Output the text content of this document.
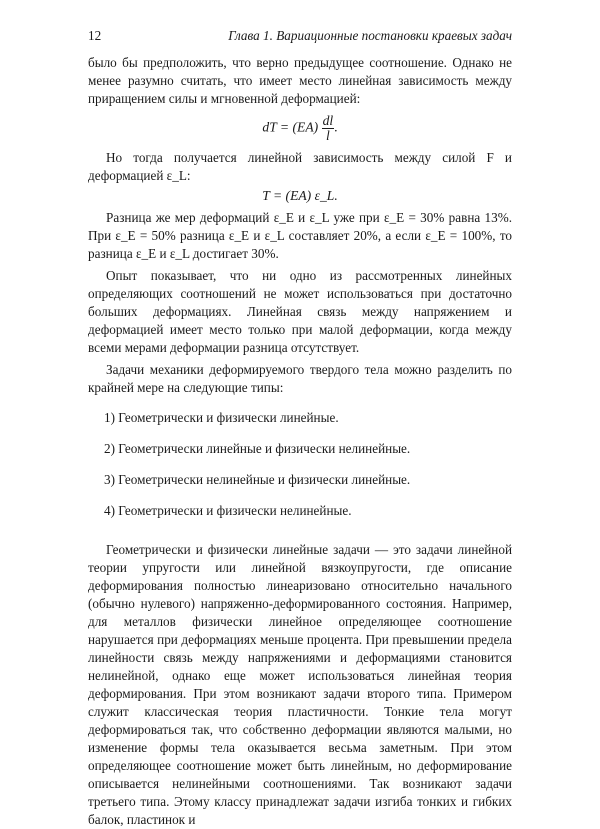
12	Глава 1. Вариационные постановки краевых задач

было бы предположить, что верно предыдущее соотношение. Однако не менее разумно считать, что имеет место линейная зависимость между приращением силы и мгновенной деформацией:

dT = $(EA) \frac{dl}{l}$ .

Но тогда получается линейной зависимость между силой F и деформацией ε_L:

T = (EA) ε_L.

Разница же мер деформаций ε_E и ε_L уже при ε_E = 30% равна 13%. При ε_E = 50% разница ε_E и ε_L составляет 20%, а если ε_E = 100%, то разница ε_E и ε_L достигает 30%.

Опыт показывает, что ни одно из рассмотренных линейных определяющих соотношений не может использоваться при достаточно больших деформациях. Линейная связь между напряжением и деформацией имеет место только при малой деформации, когда между всеми мерами деформации разница отсутствует.

Задачи механики деформируемого твердого тела можно разделить по крайней мере на следующие типы:

1) Геометрически и физически линейные.
2) Геометрически линейные и физически нелинейные.
3) Геометрически нелинейные и физически линейные.
4) Геометрически и физически нелинейные.

Геометрически и физически линейные задачи — это задачи линейной теории упругости или линейной вязкоупругости, где описание деформирования полностью линеаризовано относительно начального (обычно нулевого) напряженно-деформированного состояния. Например, для металлов физически линейное определяющее соотношение нарушается при деформациях меньше процента. При превышении предела линейности связь между напряжениями и деформациями становится нелинейной, однако еще может использоваться линейная теория деформирования. При этом возникают задачи второго типа. Примером служит классическая теория пластичности. Тонкие тела могут деформироваться так, что собственно деформации являются малыми, но изменение формы тела оказывается весьма заметным. При этом определяющее соотношение может быть линейным, но деформирование описывается нелинейными соотношениями. Так возникают задачи третьего типа. Этому классу принадлежат задачи изгиба тонких и гибких балок, пластинок и
